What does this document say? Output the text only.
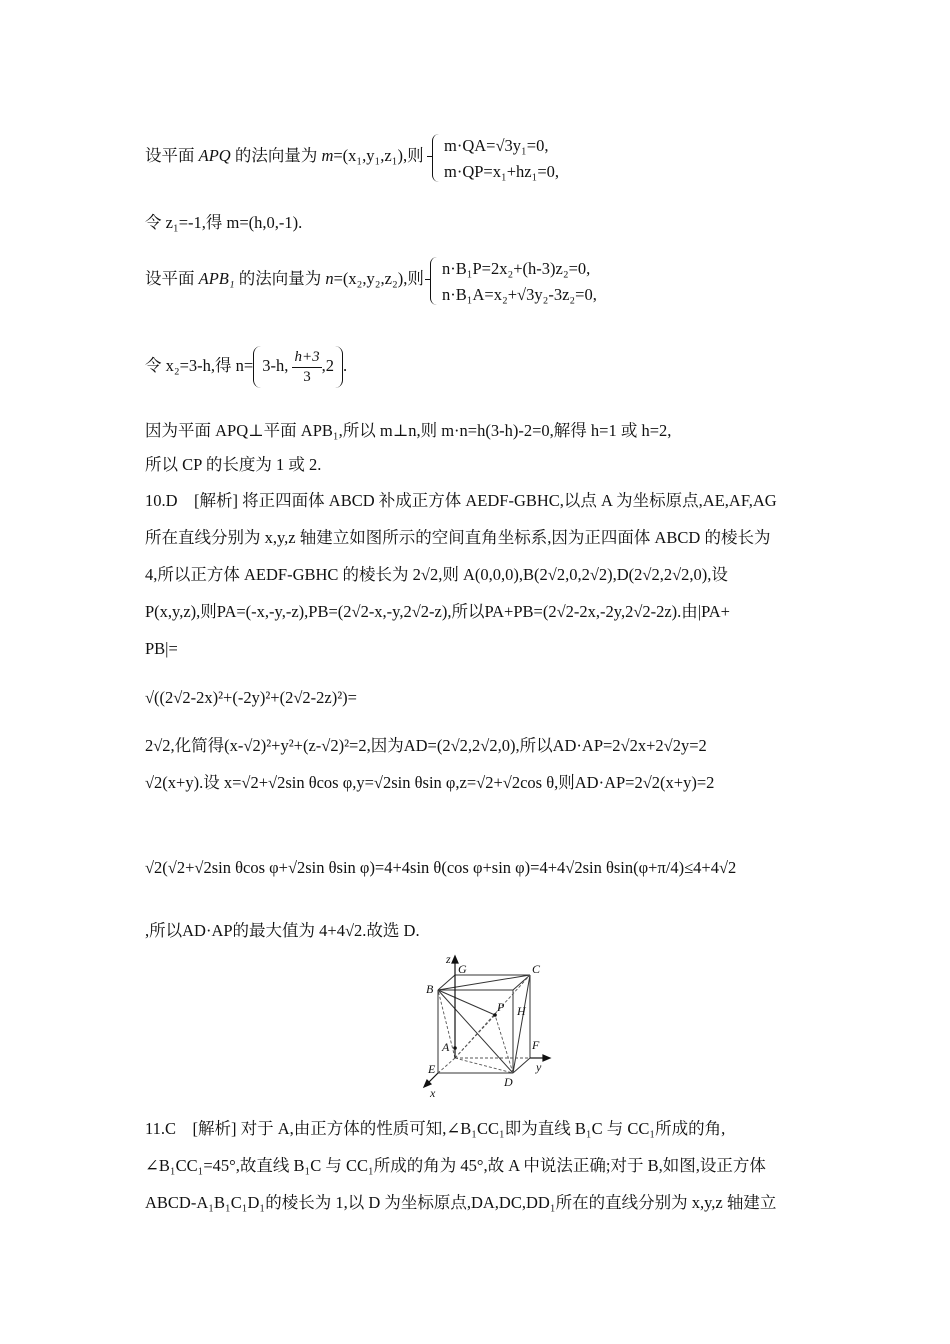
设平面 APQ 的法向量为 m=(x₁,y₁,z₁),则
m·QA=√3y₁=0,
m·QP=x₁+hz₁=0,
令 z₁=-1,得 m=(h,0,-1).
设平面 APB₁ 的法向量为 n=(x₂,y₂,z₂),则
n·B₁P=2x₂+(h-3)z₂=0,
n·B₁A=x₂+√3y₂-3z₂=0,
令 x₂=3-h,得 n= 3-h, $\frac{h+3}{3} ,2$ .
因为平面 APQ⊥平面 APB₁,所以 m⊥n,则 m·n=h(3-h)-2=0,解得 h=1 或 h=2,
所以 CP 的长度为 1 或 2.
10.D　[解析] 将正四面体 ABCD 补成正方体 AEDF-GBHC,以点 A 为坐标原点,AE,AF,AG
所在直线分别为 x,y,z 轴建立如图所示的空间直角坐标系,因为正四面体 ABCD 的棱长为
4,所以正方体 AEDF-GBHC 的棱长为 2√2,则 A(0,0,0),B(2√2,0,2√2),D(2√2,2√2,0),设
P(x,y,z),则PA=(-x,-y,-z),PB=(2√2-x,-y,2√2-z),所以PA+PB=(2√2-2x,-2y,2√2-2z).由|PA+
PB|=
√((2√2-2x)²+(-2y)²+(2√2-2z)²)=
2√2,化简得(x-√2)²+y²+(z-√2)²=2,因为AD=(2√2,2√2,0),所以AD·AP=2√2x+2√2y=2
√2(x+y).设 x=√2+√2sin θcos φ,y=√2sin θsin φ,z=√2+√2cos θ,则AD·AP=2√2(x+y)=2
√2(√2+√2sin θcos φ+√2sin θsin φ)=4+4sin θ(cos φ+sin φ)=4+4√2sin θsin(φ+π/4)≤4+4√2
,所以AD·AP的最大值为 4+4√2.故选 D.
z
G	C
B
H
P
A	F
y
E
D
x
11.C　[解析] 对于 A,由正方体的性质可知,∠B₁CC₁即为直线 B₁C 与 CC₁所成的角,
∠B₁CC₁=45°,故直线 B₁C 与 CC₁所成的角为 45°,故 A 中说法正确;对于 B,如图,设正方体
ABCD-A₁B₁C₁D₁的棱长为 1,以 D 为坐标原点,DA,DC,DD₁所在的直线分别为 x,y,z 轴建立
